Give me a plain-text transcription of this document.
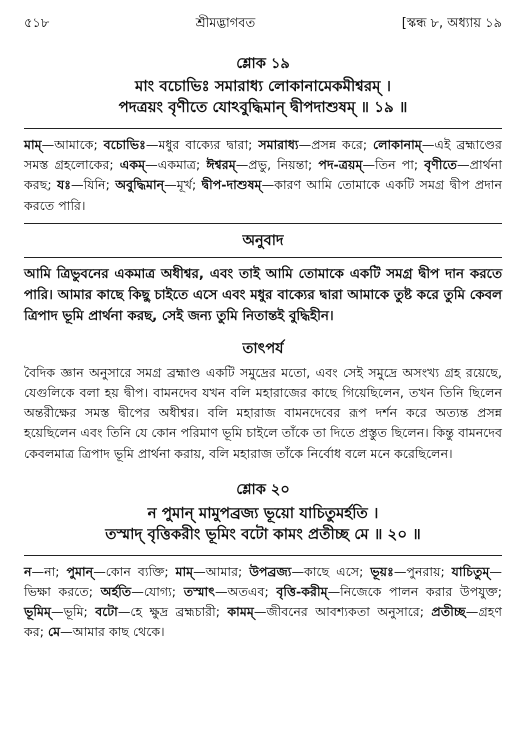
৫১৮	শ্রীমদ্ভাগবত	[স্কন্ধ ৮, অধ্যায় ১৯
শ্লোক ১৯
মাং বচোভিঃ সমারাধ্য লোকানামেকমীশ্বরম্ ।
পদত্রয়ং বৃণীতে যোঽবুদ্ধিমান্ দ্বীপদাশুষম্ ॥ ১৯ ॥
মাম্—আমাকে; বচোভিঃ—মধুর বাক্যের দ্বারা; সমারাধ্য—প্রসন্ন করে; লোকানাম্—এই ব্রহ্মাণ্ডের সমস্ত গ্রহলোকের; একম্—একমাত্র; ঈশ্বরম্—প্রভু, নিয়ন্তা; পদ-ত্রয়ম্—তিন পা; বৃণীতে—প্রার্থনা করছ; যঃ—যিনি; অবুদ্ধিমান্—মূর্খ; দ্বীপ-দাশুষম্—কারণ আমি তোমাকে একটি সমগ্র দ্বীপ প্রদান করতে পারি।
অনুবাদ
আমি ত্রিভুবনের একমাত্র অধীশ্বর, এবং তাই আমি তোমাকে একটি সমগ্র দ্বীপ দান করতে পারি। আমার কাছে কিছু চাইতে এসে এবং মধুর বাক্যের দ্বারা আমাকে তুষ্ট করে তুমি কেবল ত্রিপাদ ভূমি প্রার্থনা করছ, সেই জন্য তুমি নিতান্তই বুদ্ধিহীন।
তাৎপর্য
বৈদিক জ্ঞান অনুসারে সমগ্র ব্রহ্মাণ্ড একটি সমুদ্রের মতো, এবং সেই সমুদ্রে অসংখ্য গ্রহ রয়েছে, যেগুলিকে বলা হয় দ্বীপ। বামনদেব যখন বলি মহারাজের কাছে গিয়েছিলেন, তখন তিনি ছিলেন অন্তরীক্ষের সমস্ত দ্বীপের অধীশ্বর। বলি মহারাজ বামনদেবের রূপ দর্শন করে অত্যন্ত প্রসন্ন হয়েছিলেন এবং তিনি যে কোন পরিমাণ ভূমি চাইলে তাঁকে তা দিতে প্রস্তুত ছিলেন। কিন্তু বামনদেব কেবলমাত্র ত্রিপাদ ভূমি প্রার্থনা করায়, বলি মহারাজ তাঁকে নির্বোধ বলে মনে করেছিলেন।
শ্লোক ২০
ন পুমান্ মামুপব্রজ্য ভূয়ো যাচিতুমর্হতি ।
তস্মাদ্ বৃত্তিকরীং ভূমিং বটো কামং প্রতীচ্ছ মে ॥ ২০ ॥
ন—না; পুমান্—কোন ব্যক্তি; মাম্—আমার; উপব্রজ্য—কাছে এসে; ভূয়ঃ—পুনরায়; যাচিতুম্—ভিক্ষা করতে; অর্হতি—যোগ্য; তস্মাৎ—অতএব; বৃত্তি-করীম্—নিজেকে পালন করার উপযুক্ত; ভূমিম্—ভূমি; বটো—হে ক্ষুদ্র ব্রহ্মচারী; কামম্—জীবনের আবশ্যকতা অনুসারে; প্রতীচ্ছ—গ্রহণ কর; মে—আমার কাছ থেকে।
